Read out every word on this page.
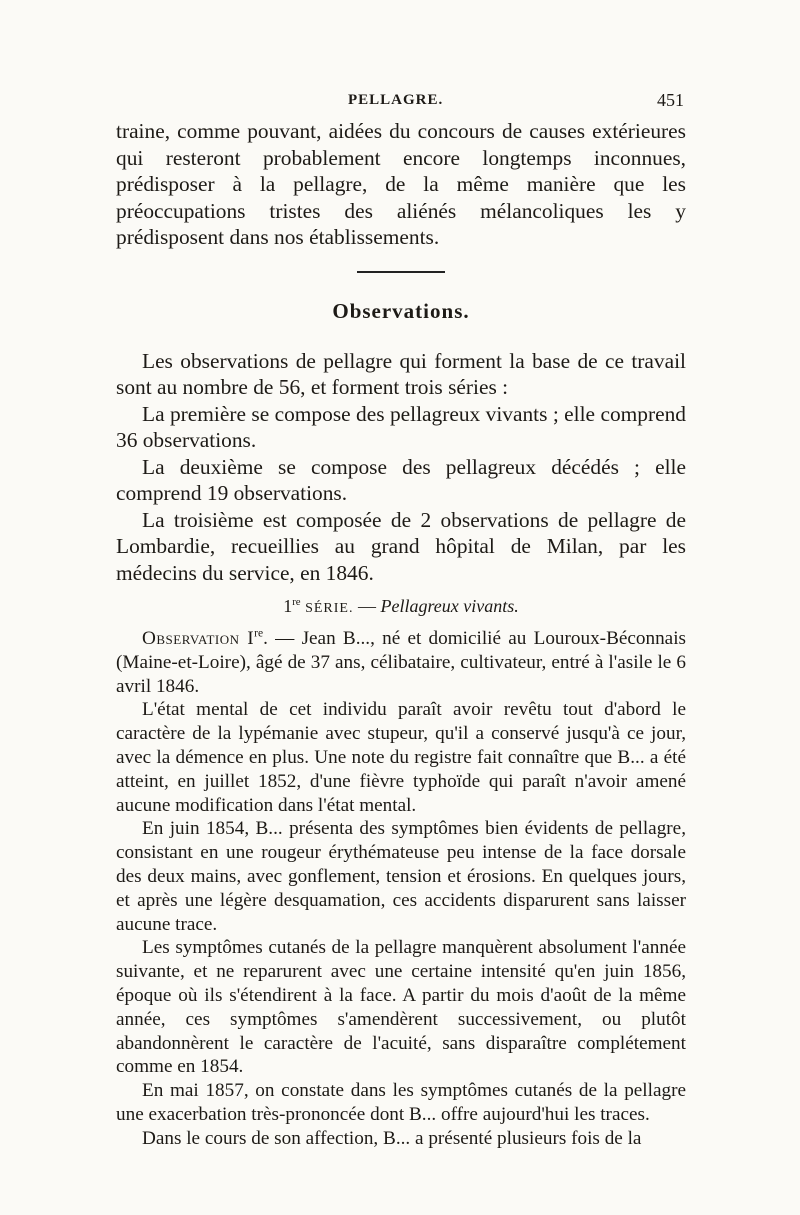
PELLAGRE.	451

traine, comme pouvant, aidées du concours de causes extérieures qui resteront probablement encore longtemps inconnues, prédisposer à la pellagre, de la même manière que les préoccupations tristes des aliénés mélancoliques les y prédisposent dans nos établissements.

Observations.

Les observations de pellagre qui forment la base de ce travail sont au nombre de 56, et forment trois séries :

La première se compose des pellagreux vivants ; elle comprend 36 observations.

La deuxième se compose des pellagreux décédés ; elle comprend 19 observations.

La troisième est composée de 2 observations de pellagre de Lombardie, recueillies au grand hôpital de Milan, par les médecins du service, en 1846.

1re SÉRIE. — Pellagreux vivants.

Observation Ire. — Jean B..., né et domicilié au Louroux-Béconnais (Maine-et-Loire), âgé de 37 ans, célibataire, cultivateur, entré à l'asile le 6 avril 1846.

L'état mental de cet individu paraît avoir revêtu tout d'abord le caractère de la lypémanie avec stupeur, qu'il a conservé jusqu'à ce jour, avec la démence en plus. Une note du registre fait connaître que B... a été atteint, en juillet 1852, d'une fièvre typhoïde qui paraît n'avoir amené aucune modification dans l'état mental.

En juin 1854, B... présenta des symptômes bien évidents de pellagre, consistant en une rougeur érythémateuse peu intense de la face dorsale des deux mains, avec gonflement, tension et érosions. En quelques jours, et après une légère desquamation, ces accidents disparurent sans laisser aucune trace.

Les symptômes cutanés de la pellagre manquèrent absolument l'année suivante, et ne reparurent avec une certaine intensité qu'en juin 1856, époque où ils s'étendirent à la face. A partir du mois d'août de la même année, ces symptômes s'amendèrent successivement, ou plutôt abandonnèrent le caractère de l'acuité, sans disparaître complétement comme en 1854.

En mai 1857, on constate dans les symptômes cutanés de la pellagre une exacerbation très-prononcée dont B... offre aujourd'hui les traces.

Dans le cours de son affection, B... a présenté plusieurs fois de la
